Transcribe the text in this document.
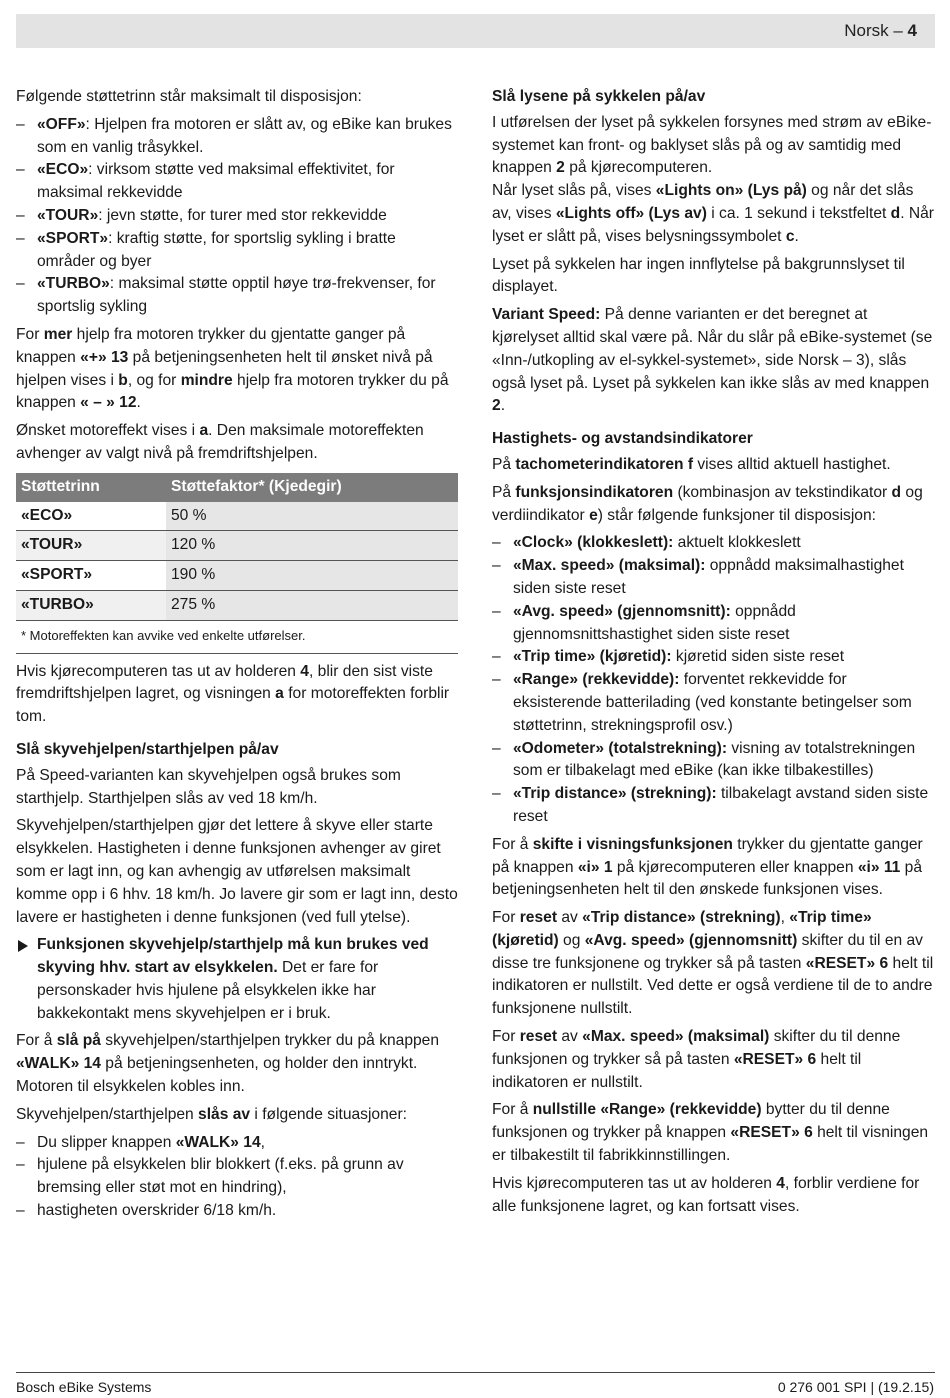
Norsk – 4

Følgende støttetrinn står maksimalt til disposisjon:

– «OFF»: Hjelpen fra motoren er slått av, og eBike kan brukes som en vanlig tråsykkel.
– «ECO»: virksom støtte ved maksimal effektivitet, for maksimal rekkevidde
– «TOUR»: jevn støtte, for turer med stor rekkevidde
– «SPORT»: kraftig støtte, for sportslig sykling i bratte områder og byer
– «TURBO»: maksimal støtte opptil høye trø-frekvenser, for sportslig sykling

For mer hjelp fra motoren trykker du gjentatte ganger på knappen «+» 13 på betjeningsenheten helt til ønsket nivå på hjelpen vises i b, og for mindre hjelp fra motoren trykker du på knappen « – » 12.

Ønsket motoreffekt vises i a. Den maksimale motoreffekten avhenger av valgt nivå på fremdriftshjelpen.

Støttetrinn	Støttefaktor* (Kjedegir)
«ECO»	50 %
«TOUR»	120 %
«SPORT»	190 %
«TURBO»	275 %
* Motoreffekten kan avvike ved enkelte utførelser.

Hvis kjørecomputeren tas ut av holderen 4, blir den sist viste fremdriftshjelpen lagret, og visningen a for motoreffekten forblir tom.

Slå skyvehjelpen/starthjelpen på/av

På Speed-varianten kan skyvehjelpen også brukes som starthjelp. Starthjelpen slås av ved 18 km/h.

Skyvehjelpen/starthjelpen gjør det lettere å skyve eller starte elsykkelen. Hastigheten i denne funksjonen avhenger av giret som er lagt inn, og kan avhengig av utførelsen maksimalt komme opp i 6 hhv. 18 km/h. Jo lavere gir som er lagt inn, desto lavere er hastigheten i denne funksjonen (ved full ytelse).

Funksjonen skyvehjelp/starthjelp må kun brukes ved skyving hhv. start av elsykkelen. Det er fare for personskader hvis hjulene på elsykkelen ikke har bakkekontakt mens skyvehjelpen er i bruk.

For å slå på skyvehjelpen/starthjelpen trykker du på knappen «WALK» 14 på betjeningsenheten, og holder den inntrykt. Motoren til elsykkelen kobles inn.

Skyvehjelpen/starthjelpen slås av i følgende situasjoner:

– Du slipper knappen «WALK» 14,
– hjulene på elsykkelen blir blokkert (f.eks. på grunn av bremsing eller støt mot en hindring),
– hastigheten overskrider 6/18 km/h.

Slå lysene på sykkelen på/av

I utførelsen der lyset på sykkelen forsynes med strøm av eBike-systemet kan front- og baklyset slås på og av samtidig med knappen 2 på kjørecomputeren.

Når lyset slås på, vises «Lights on» (Lys på) og når det slås av, vises «Lights off» (Lys av) i ca. 1 sekund i tekstfeltet d. Når lyset er slått på, vises belysningssymbolet c.

Lyset på sykkelen har ingen innflytelse på bakgrunnslyset til displayet.

Variant Speed: På denne varianten er det beregnet at kjørelyset alltid skal være på. Når du slår på eBike-systemet (se «Inn-/utkopling av el-sykkel-systemet», side Norsk – 3), slås også lyset på. Lyset på sykkelen kan ikke slås av med knappen 2.

Hastighets- og avstandsindikatorer

På tachometerindikatoren f vises alltid aktuell hastighet.

På funksjonsindikatoren (kombinasjon av tekstindikator d og verdiindikator e) står følgende funksjoner til disposisjon:

– «Clock» (klokkeslett): aktuelt klokkeslett
– «Max. speed» (maksimal): oppnådd maksimalhastighet siden siste reset
– «Avg. speed» (gjennomsnitt): oppnådd gjennomsnittshastighet siden siste reset
– «Trip time» (kjøretid): kjøretid siden siste reset
– «Range» (rekkevidde): forventet rekkevidde for eksisterende batterilading (ved konstante betingelser som støttetrinn, strekningsprofil osv.)
– «Odometer» (totalstrekning): visning av totalstrekningen som er tilbakelagt med eBike (kan ikke tilbakestilles)
– «Trip distance» (strekning): tilbakelagt avstand siden siste reset

For å skifte i visningsfunksjonen trykker du gjentatte ganger på knappen «i» 1 på kjørecomputeren eller knappen «i» 11 på betjeningsenheten helt til den ønskede funksjonen vises.

For reset av «Trip distance» (strekning), «Trip time» (kjøretid) og «Avg. speed» (gjennomsnitt) skifter du til en av disse tre funksjonene og trykker så på tasten «RESET» 6 helt til indikatoren er nullstilt. Ved dette er også verdiene til de to andre funksjonene nullstilt.

For reset av «Max. speed» (maksimal) skifter du til denne funksjonen og trykker så på tasten «RESET» 6 helt til indikatoren er nullstilt.

For å nullstille «Range» (rekkevidde) bytter du til denne funksjonen og trykker på knappen «RESET» 6 helt til visningen er tilbakestilt til fabrikkinnstillingen.

Hvis kjørecomputeren tas ut av holderen 4, forblir verdiene for alle funksjonene lagret, og kan fortsatt vises.

Bosch eBike Systems	0 276 001 SPI | (19.2.15)
